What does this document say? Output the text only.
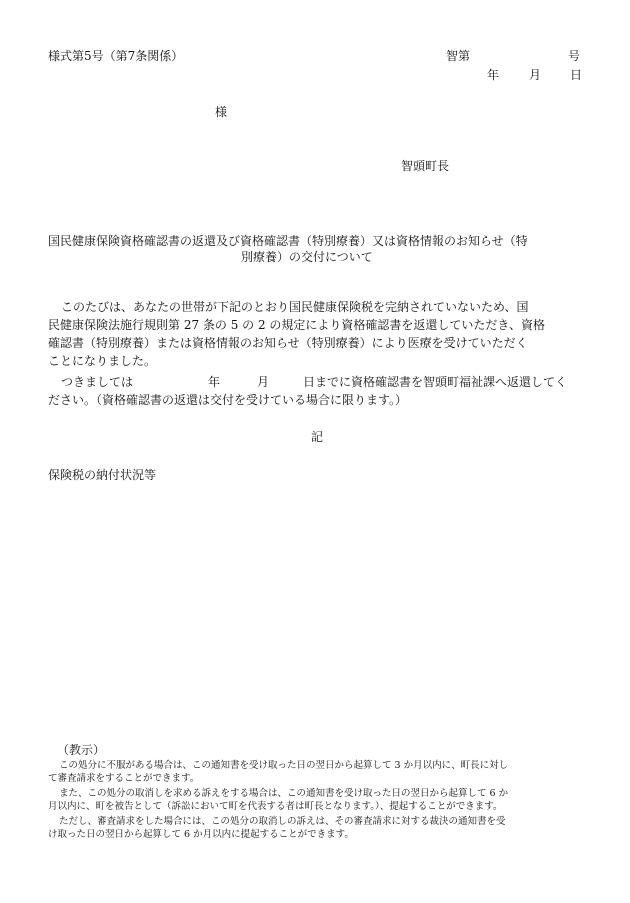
様式第5号（第7条関係）	智第	号
年 月 日
様
智頭町長
国民健康保険資格確認書の返還及び資格確認書（特別療養）又は資格情報のお知らせ（特
別療養）の交付について
このたびは、あなたの世帯が下記のとおり国民健康保険税を完納されていないため、国
民健康保険法施行規則第 27 条の 5 の 2 の規定により資格確認書を返還していただき、資格
確認書（特別療養）または資格情報のお知らせ（特別療養）により医療を受けていただく
ことになりました。
つきましては	年	月	日までに資格確認書を智頭町福祉課へ返還してく
ださい。（資格確認書の返還は交付を受けている場合に限ります。）
記
保険税の納付状況等
（教示）
この処分に不服がある場合は、この通知書を受け取った日の翌日から起算して 3 か月以内に、町長に対し
て審査請求をすることができます。
また、この処分の取消しを求める訴えをする場合は、この通知書を受け取った日の翌日から起算して 6 か
月以内に、町を被告として（訴訟において町を代表する者は町長となります。）、提起することができます。
ただし、審査請求をした場合には、この処分の取消しの訴えは、その審査請求に対する裁決の通知書を受
け取った日の翌日から起算して 6 か月以内に提起することができます。
